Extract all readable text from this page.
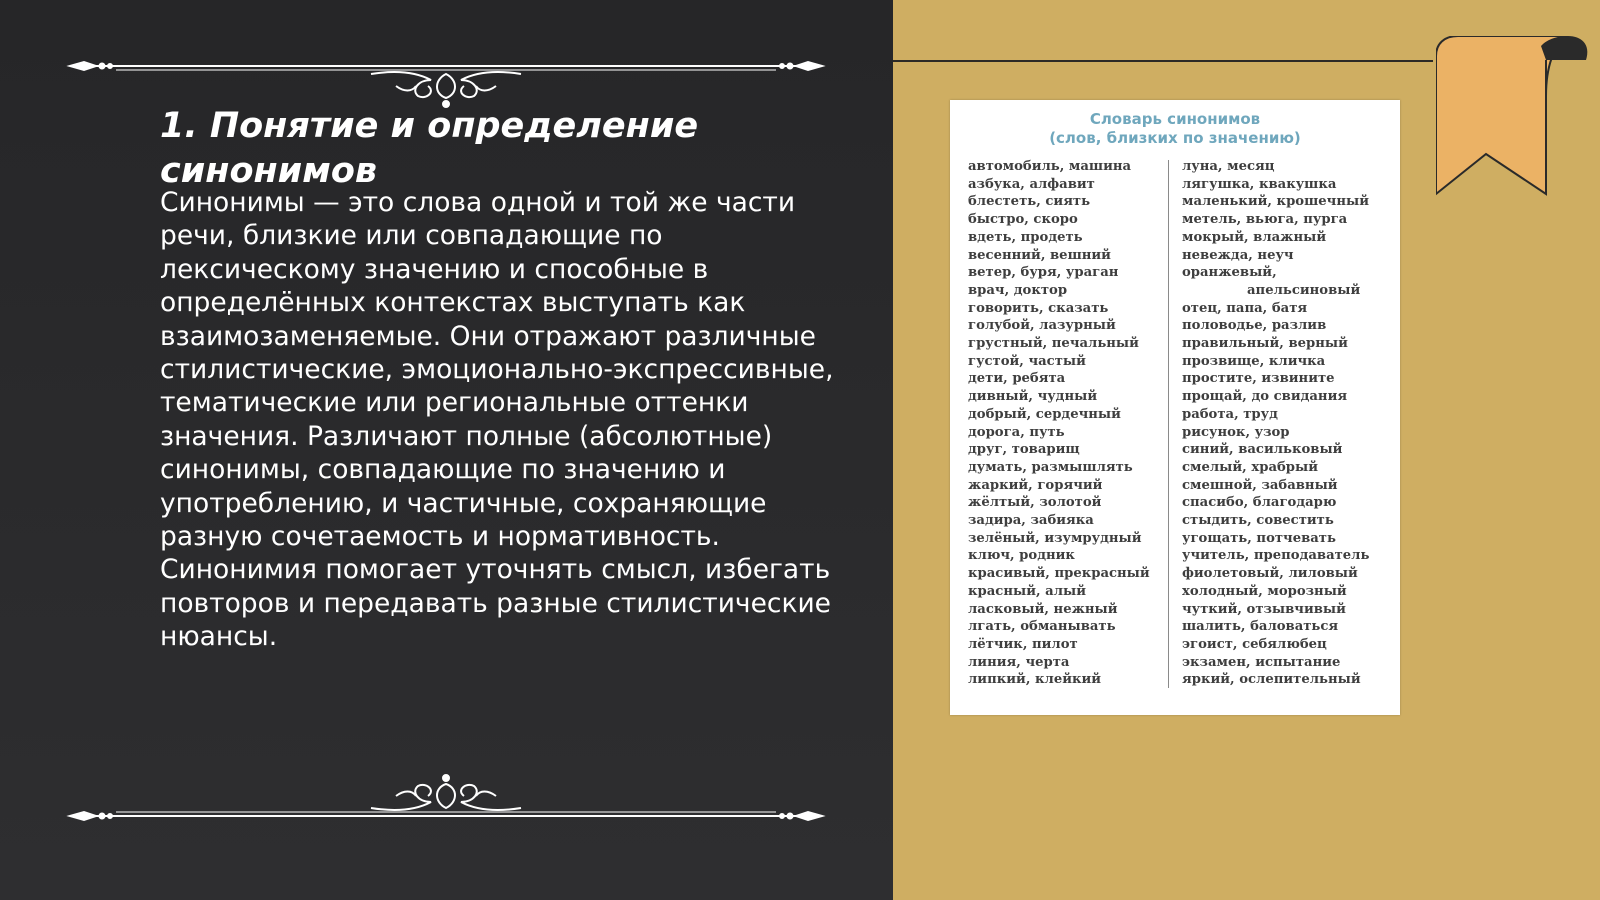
1. Понятие и определение синонимов

Синонимы — это слова одной и той же части речи, близкие или совпадающие по лексическому значению и способные в определённых контекстах выступать как взаимозаменяемые. Они отражают различные стилистические, эмоционально-экспрессивные, тематические или региональные оттенки значения. Различают полные (абсолютные) синонимы, совпадающие по значению и употреблению, и частичные, сохраняющие разную сочетаемость и нормативность. Синонимия помогает уточнять смысл, избегать повторов и передавать разные стилистические нюансы.

Словарь синонимов
(слов, близких по значению)
автомобиль, машина
азбука, алфавит
блестеть, сиять
быстро, скоро
вдеть, продеть
весенний, вешний
ветер, буря, ураган
врач, доктор
говорить, сказать
голубой, лазурный
грустный, печальный
густой, частый
дети, ребята
дивный, чудный
добрый, сердечный
дорога, путь
друг, товарищ
думать, размышлять
жаркий, горячий
жёлтый, золотой
задира, забияка
зелёный, изумрудный
ключ, родник
красивый, прекрасный
красный, алый
ласковый, нежный
лгать, обманывать
лётчик, пилот
линия, черта
липкий, клейкий
луна, месяц
лягушка, квакушка
маленький, крошечный
метель, вьюга, пурга
мокрый, влажный
невежда, неуч
оранжевый,
апельсиновый
отец, папа, батя
половодье, разлив
правильный, верный
прозвище, кличка
простите, извините
прощай, до свидания
работа, труд
рисунок, узор
синий, васильковый
смелый, храбрый
смешной, забавный
спасибо, благодарю
стыдить, совестить
угощать, потчевать
учитель, преподаватель
фиолетовый, лиловый
холодный, морозный
чуткий, отзывчивый
шалить, баловаться
эгоист, себялюбец
экзамен, испытание
яркий, ослепительный
